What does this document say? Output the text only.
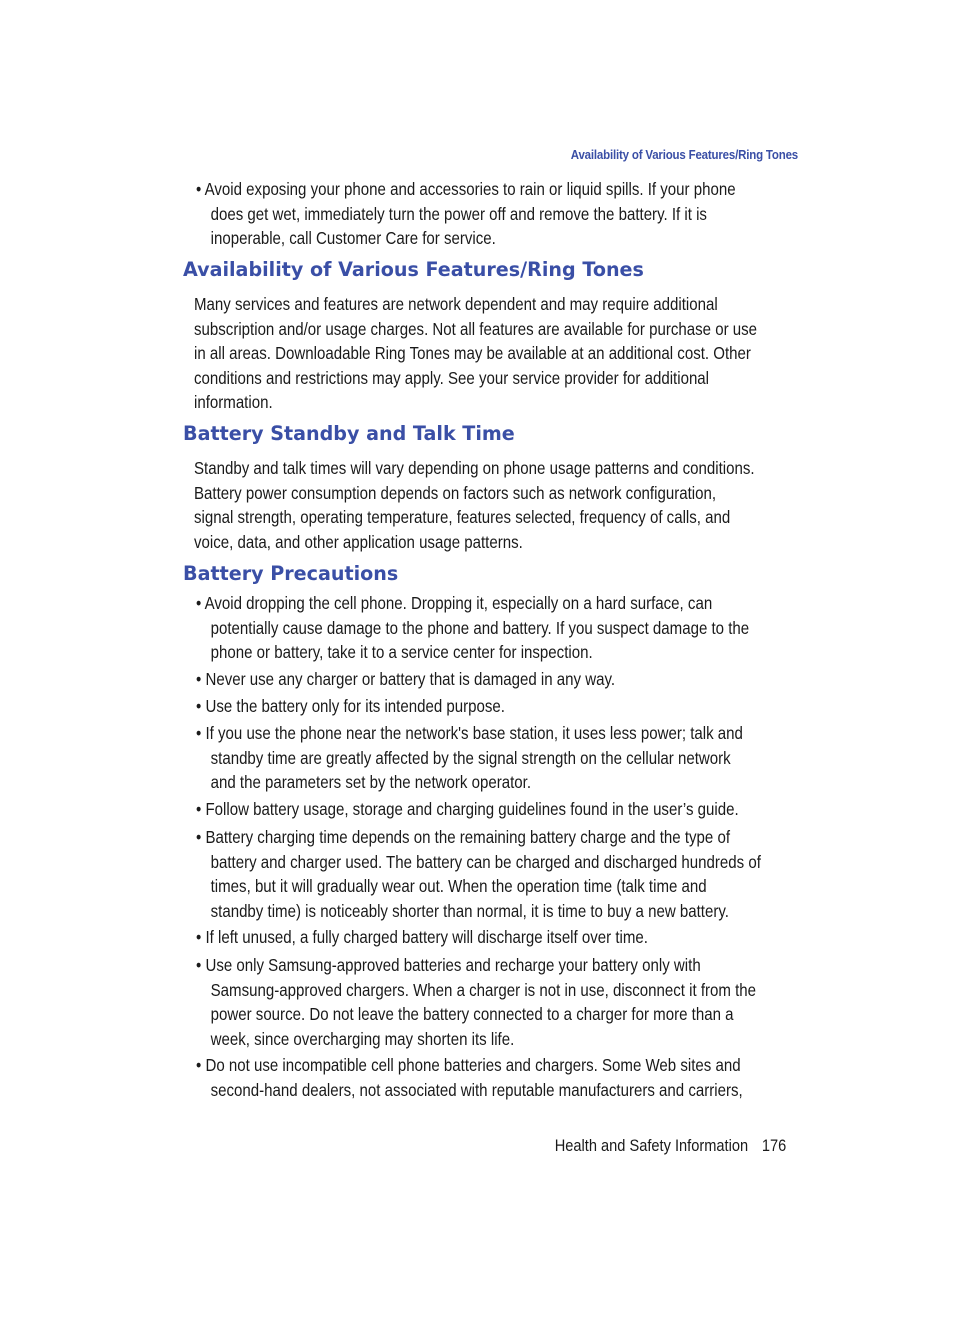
Availability of Various Features/Ring Tones
• Avoid exposing your phone and accessories to rain or liquid spills. If your phone
does get wet, immediately turn the power off and remove the battery. If it is
inoperable, call Customer Care for service.
Availability of Various Features/Ring Tones
Many services and features are network dependent and may require additional
subscription and/or usage charges. Not all features are available for purchase or use
in all areas. Downloadable Ring Tones may be available at an additional cost. Other
conditions and restrictions may apply. See your service provider for additional
information.
Battery Standby and Talk Time
Standby and talk times will vary depending on phone usage patterns and conditions.
Battery power consumption depends on factors such as network configuration,
signal strength, operating temperature, features selected, frequency of calls, and
voice, data, and other application usage patterns.
Battery Precautions
• Avoid dropping the cell phone. Dropping it, especially on a hard surface, can
potentially cause damage to the phone and battery. If you suspect damage to the
phone or battery, take it to a service center for inspection.
• Never use any charger or battery that is damaged in any way.
• Use the battery only for its intended purpose.
• If you use the phone near the network's base station, it uses less power; talk and
standby time are greatly affected by the signal strength on the cellular network
and the parameters set by the network operator.
• Follow battery usage, storage and charging guidelines found in the user’s guide.
• Battery charging time depends on the remaining battery charge and the type of
battery and charger used. The battery can be charged and discharged hundreds of
times, but it will gradually wear out. When the operation time (talk time and
standby time) is noticeably shorter than normal, it is time to buy a new battery.
• If left unused, a fully charged battery will discharge itself over time.
• Use only Samsung-approved batteries and recharge your battery only with
Samsung-approved chargers. When a charger is not in use, disconnect it from the
power source. Do not leave the battery connected to a charger for more than a
week, since overcharging may shorten its life.
• Do not use incompatible cell phone batteries and chargers. Some Web sites and
second-hand dealers, not associated with reputable manufacturers and carriers,
Health and Safety Information 176
